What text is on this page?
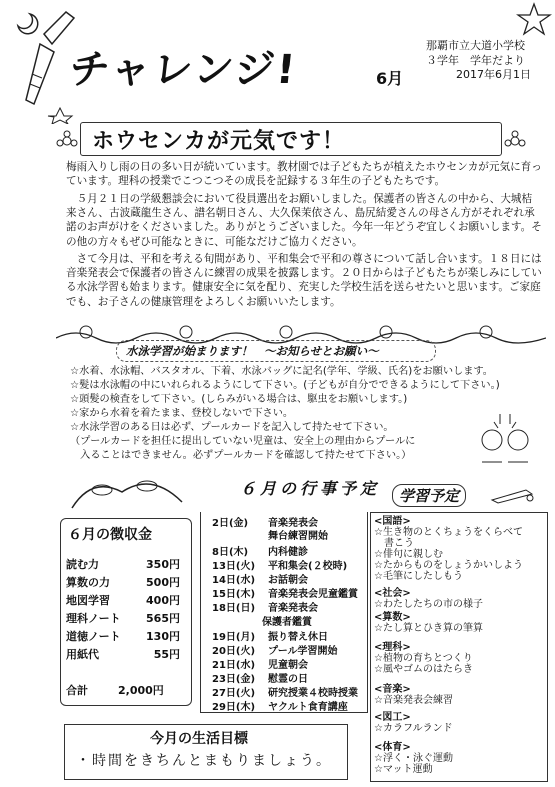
チャレンジ!	6月
那覇市立大道小学校
３学年　学年だより
2017年6月1日
ホウセンカが元気です！
梅雨入りし雨の日の多い日が続いています。教材園では子どもたちが植えたホウセンカが元気に育っています。理科の授業でこつこつその成長を記録する３年生の子どもたちです。
５月２１日の学級懇談会において役員選出をお願いしました。保護者の皆さんの中から、大城桔来さん、古波蔵龍生さん、譜名朝日さん、大久保茉依さん、島尻結愛さんの母さん方がそれぞれ承諾のお声がけをくださいました。ありがとうございました。今年一年どうぞ宜しくお願いします。その他の方々もぜひ可能なときに、可能なだけご協力ください。
さて今月は、平和を考える旬間があり、平和集会で平和の尊さについて話し合います。１８日には音楽発表会で保護者の皆さんに練習の成果を披露します。２０日からは子どもたちが楽しみにしている水泳学習も始まります。健康安全に気を配り、充実した学校生活を送らせたいと思います。ご家庭でも、お子さんの健康管理をよろしくお願いいたします。
水泳学習が始まります！　～お知らせとお願い～
☆水着、水泳帽、バスタオル、下着、水泳バッグに記名(学年、学級、氏名)をお願いします。
☆髪は水泳帽の中にいれられるようにして下さい。(子どもが自分でできるようにして下さい。)
☆頭髪の検査をして下さい。(しらみがいる場合は、駆虫をお願いします。)
☆家から水着を着たまま、登校しないで下さい。
☆水泳学習のある日は必ず、プールカードを記入して持たせて下さい。
（プールカードを担任に提出していない児童は、安全上の理由からプールに
　入ることはできません。必ずプールカードを確認して持たせて下さい。）
６月の徴収金
読む力	350円
算数の力	500円
地図学習	400円
理科ノート 565円
道徳ノート 130円
用紙代	55円
合計	2,000円
６月の行事予定
2日(金) 音楽発表会
舞台練習開始
8日(木) 内科健診
13日(火) 平和集会(２校時)
14日(水) お話朝会
15日(木) 音楽発表会児童鑑賞
18日(日) 音楽発表会
保護者鑑賞
19日(月) 振り替え休日
20日(火) プール学習開始
21日(水) 児童朝会
23日(金) 慰霊の日
27日(火) 研究授業４校時授業
29日(木) ヤクルト食育講座
学習予定
<国語>
☆生き物のとくちょうをくらべて
　書こう
☆俳句に親しむ
☆たからものをしょうかいしよう
☆毛筆にしたしもう
<社会>
☆わたしたちの市の様子
<算数>
☆たし算とひき算の筆算
<理科>
☆植物の育ちとつくり
☆風やゴムのはたらき
<音楽>
☆音楽発表会練習
<図工>
☆カラフルランド
<体育>
☆浮く・泳ぐ運動
☆マット運動
今月の生活目標
・時間をきちんとまもりましょう。
